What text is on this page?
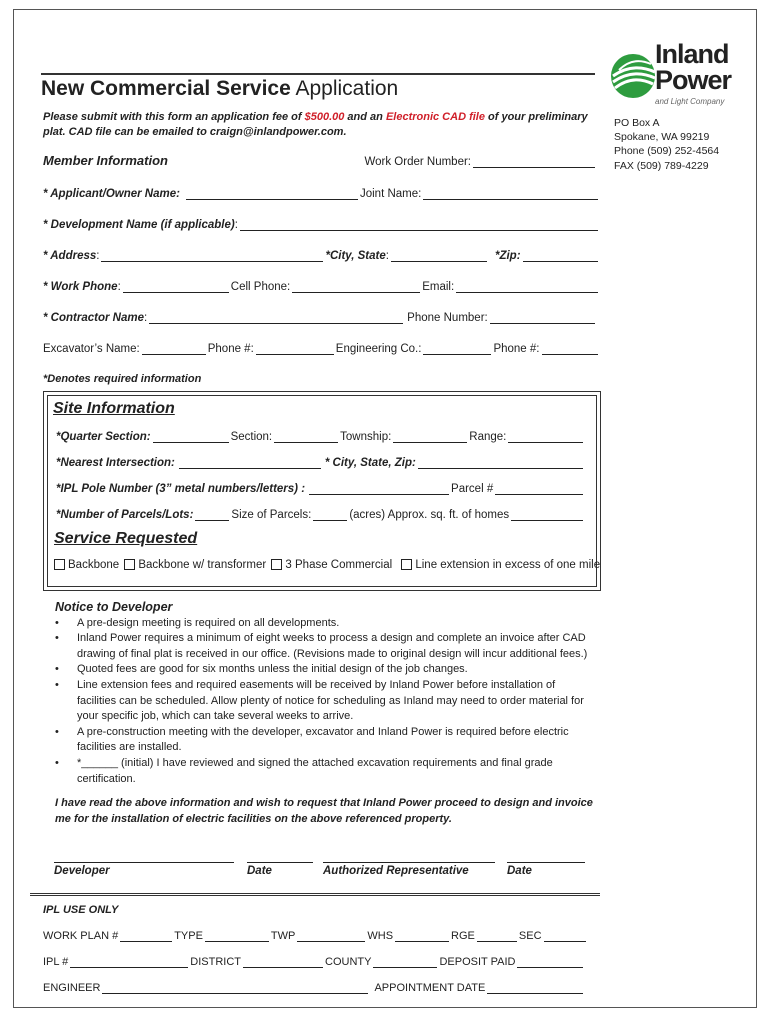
Inland
Power
and Light Company
PO Box A
Spokane, WA 99219
Phone (509) 252-4564
FAX (509) 789-4229
New Commercial Service Application
Please submit with this form an application fee of $500.00 and an Electronic CAD file of your preliminary plat. CAD file can be emailed to craign@inlandpower.com.
Member Information	Work Order Number:
* Applicant/Owner Name:	Joint Name:
* Development Name (if applicable) :
* Address :	*City, State :	*Zip:
* Work Phone :	Cell Phone:	Email:
* Contractor Name :	Phone Number:
Excavator’s Name:	Phone #:	Engineering Co.:	Phone #:
*Denotes required information
Site Information
*Quarter Section:	Section:	Township:	Range:
*Nearest Intersection:	* City, State, Zip:
*IPL Pole Number (3” metal numbers/letters) :	Parcel #
*Number of Parcels/Lots:	Size of Parcels:	(acres) Approx. sq. ft. of homes
Service Requested
Backbone Backbone w/ transformer 3 Phase Commercial Line extension in excess of one mile
Notice to Developer
• A pre-design meeting is required on all developments.
• Inland Power requires a minimum of eight weeks to process a design and complete an invoice after CAD drawing of final plat is received in our office. (Revisions made to original design will incur additional fees.)
• Quoted fees are good for six months unless the initial design of the job changes.
• Line extension fees and required easements will be received by Inland Power before installation of facilities can be scheduled. Allow plenty of notice for scheduling as Inland may need to order material for your specific job, which can take several weeks to arrive.
• A pre-construction meeting with the developer, excavator and Inland Power is required before electric facilities are installed.
• *______ (initial) I have reviewed and signed the attached excavation requirements and final grade certification.
I have read the above information and wish to request that Inland Power proceed to design and invoice me for the installation of electric facilities on the above referenced property.
Developer	Date	Authorized Representative	Date
IPL USE ONLY
WORK PLAN #	TYPE	TWP	WHS	RGE	SEC
IPL #	DISTRICT	COUNTY	DEPOSIT PAID
ENGINEER	APPOINTMENT DATE
